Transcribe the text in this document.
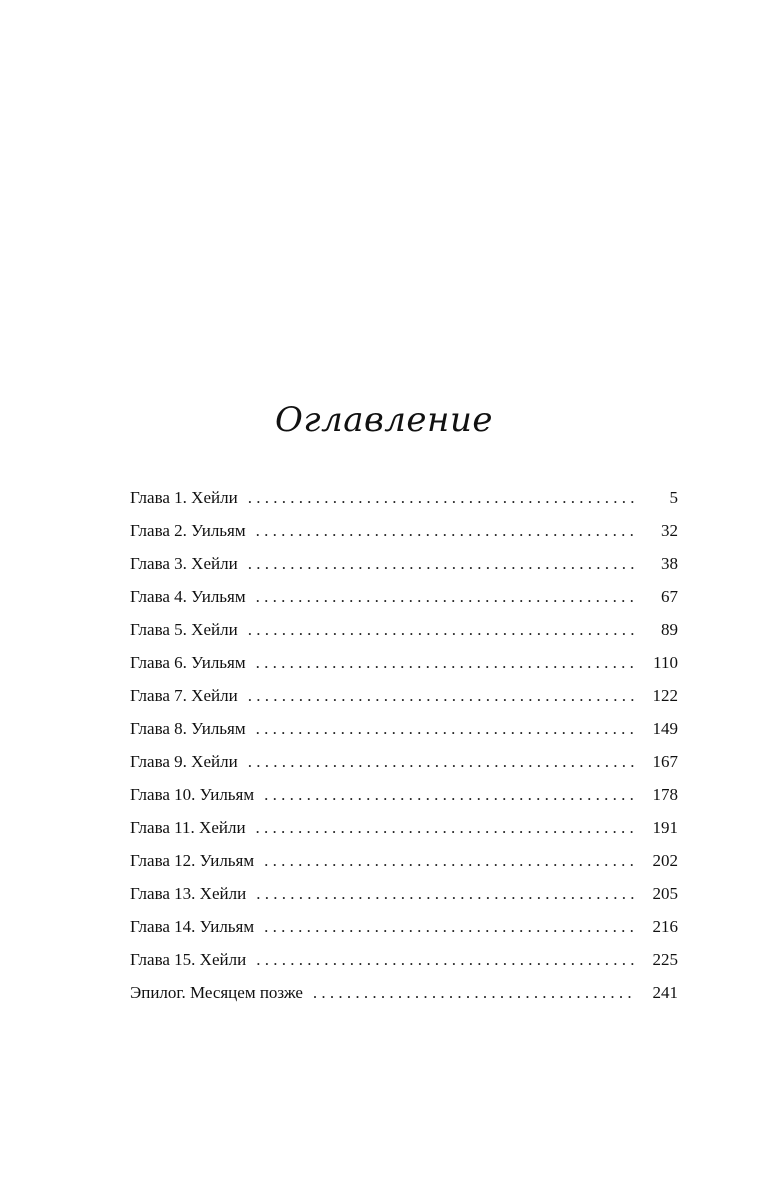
Оглавление
Глава 1. Хейли . . .	5
Глава 2. Уильям . . .	32
Глава 3. Хейли . . .	38
Глава 4. Уильям . . .	67
Глава 5. Хейли . . .	89
Глава 6. Уильям . . .	110
Глава 7. Хейли . . .	122
Глава 8. Уильям . . .	149
Глава 9. Хейли . . .	167
Глава 10. Уильям . . .	178
Глава 11. Хейли . . .	191
Глава 12. Уильям . . .	202
Глава 13. Хейли . . .	205
Глава 14. Уильям . . .	216
Глава 15. Хейли . . .	225
Эпилог. Месяцем позже . . .	241
